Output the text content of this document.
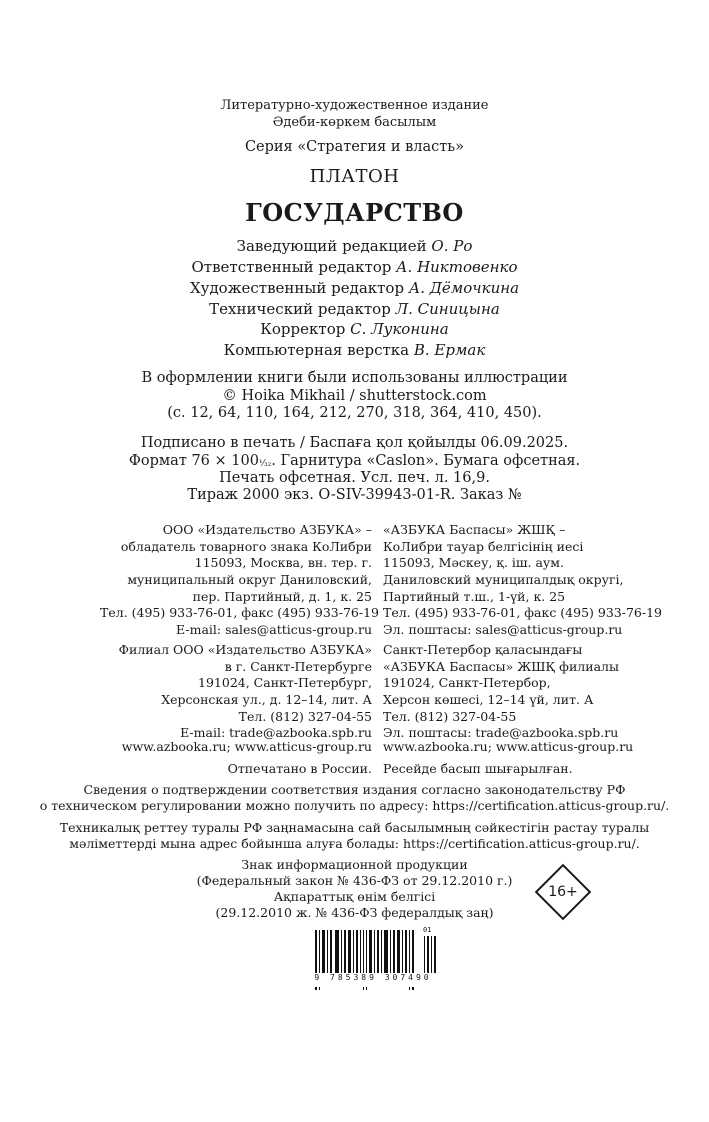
Литературно-художественное издание
Әдеби-көркем басылым
Серия «Стратегия и власть»
ПЛАТОН
ГОСУДАРСТВО
Заведующий редакцией О. Ро
Ответственный редактор А. Никтовенко
Художественный редактор А. Дёмочкина
Технический редактор Л. Синицына
Корректор С. Луконина
Компьютерная верстка В. Ермак
В оформлении книги были использованы иллюстрации
© Hoika Mikhail / shutterstock.com
(с. 12, 64, 110, 164, 212, 270, 318, 364, 410, 450).
Подписано в печать / Баспаға қол қойылды 06.09.2025.
Формат 76 × 100¹⁄₃₂. Гарнитура «Caslon». Бумага офсетная.
Печать офсетная. Усл. печ. л. 16,9.
Тираж 2000 экз. O-SIV-39943-01-R. Заказ №
ООО «Издательство АЗБУКА» –
обладатель товарного знака КоЛибри
115093, Москва, вн. тер. г.
муниципальный округ Даниловский,
пер. Партийный, д. 1, к. 25
Тел. (495) 933-76-01, факс (495) 933-76-19
E-mail: sales@atticus-group.ru
«АЗБУКА Баспасы» ЖШҚ –
КоЛибри тауар белгісінің иесі
115093, Мәскеу, қ. іш. аум.
Даниловский муниципалдық округі,
Партийный т.ш., 1-үй, к. 25
Тел. (495) 933-76-01, факс (495) 933-76-19
Эл. поштасы: sales@atticus-group.ru
Филиал ООО «Издательство АЗБУКА»
в г. Санкт-Петербурге
191024, Санкт-Петербург,
Херсонская ул., д. 12–14, лит. А
Тел. (812) 327-04-55
E-mail: trade@azbooka.spb.ru
Санкт-Петербор қаласындағы
«АЗБУКА Баспасы» ЖШҚ филиалы
191024, Санкт-Петербор,
Херсон көшесі, 12–14 үй, лит. А
Тел. (812) 327-04-55
Эл. поштасы: trade@azbooka.spb.ru
www.azbooka.ru; www.atticus-group.ru www.azbooka.ru; www.atticus-group.ru
Отпечатано в России. Ресейде басып шығарылған.
Сведения о подтверждении соответствия издания согласно законодательству РФ
о техническом регулировании можно получить по адресу: https://certification.atticus-group.ru/.
Техникалық реттеу туралы РФ заңнамасына сай басылымның сәйкестігін растау туралы
мәліметтерді мына адрес бойынша алуға болады: https://certification.atticus-group.ru/.
Знак информационной продукции
(Федеральный закон № 436-ФЗ от 29.12.2010 г.)
Ақпараттық өнім белгісі
(29.12.2010 ж. № 436-ФЗ федералдық заң)
16+
9 785389 307490
01
